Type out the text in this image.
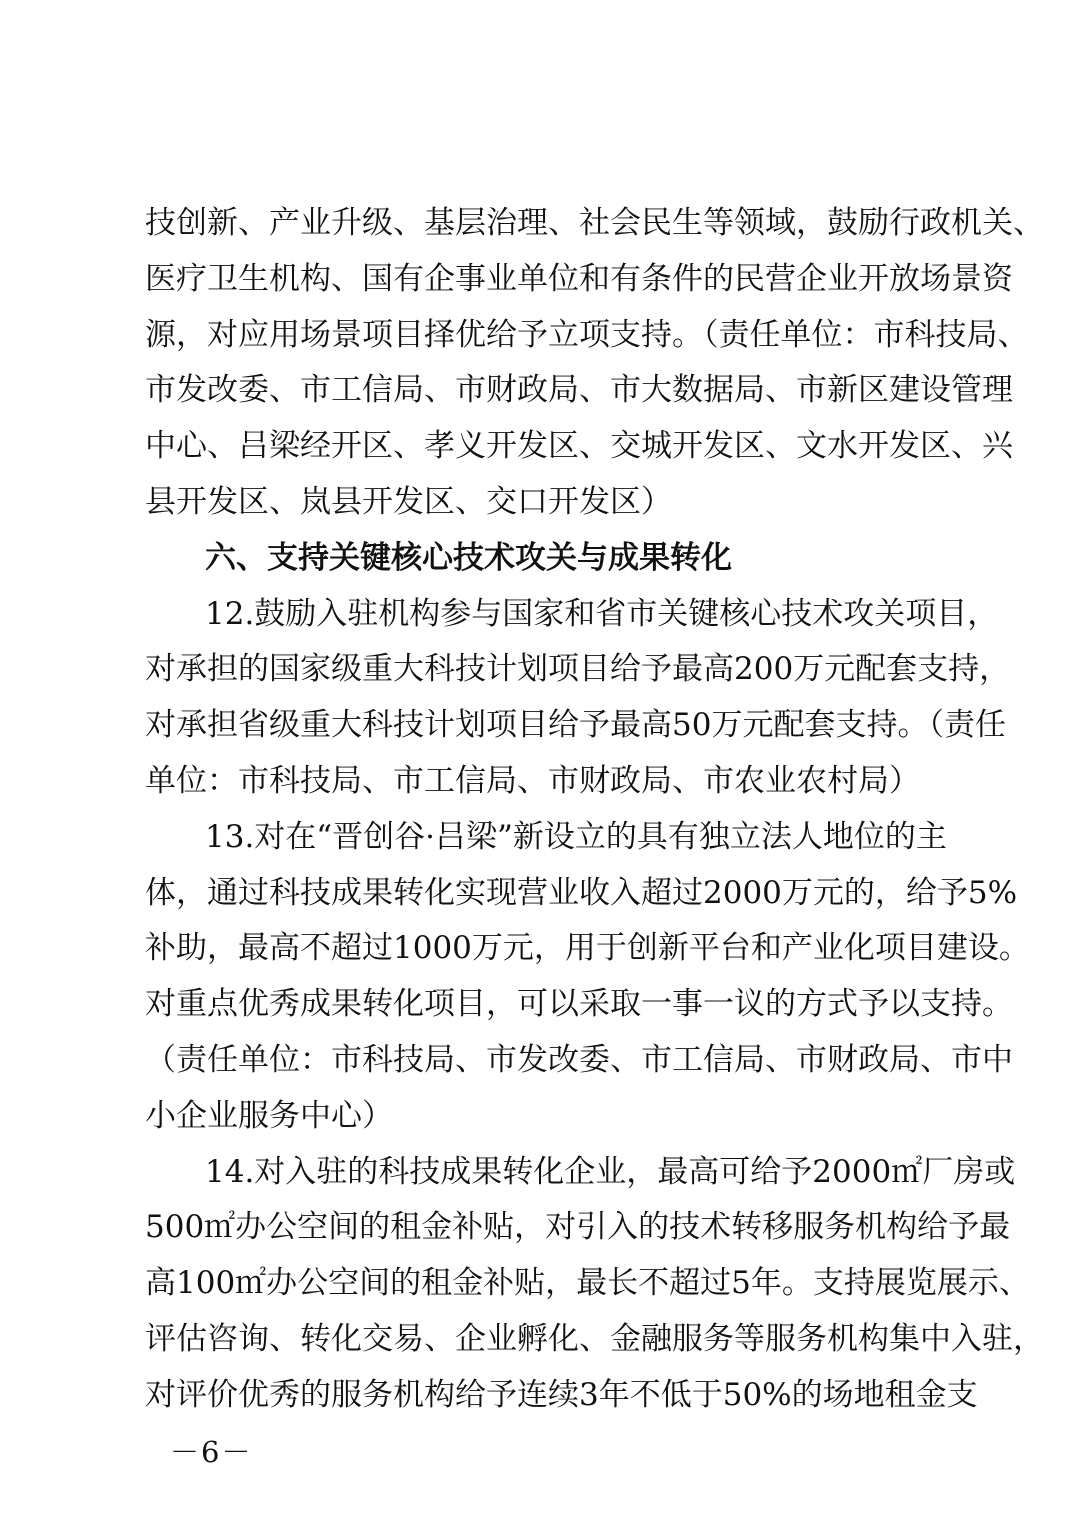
技创新、产业升级、基层治理、社会民生等领域，鼓励行政机关、
医疗卫生机构、国有企事业单位和有条件的民营企业开放场景资
源，对应用场景项目择优给予立项支持。（责任单位：市科技局、
市发改委、市工信局、市财政局、市大数据局、市新区建设管理
中心、吕梁经开区、孝义开发区、交城开发区、文水开发区、兴
县开发区、岚县开发区、交口开发区）
六、支持关键核心技术攻关与成果转化
12.鼓励入驻机构参与国家和省市关键核心技术攻关项目，
对承担的国家级重大科技计划项目给予最高200万元配套支持，
对承担省级重大科技计划项目给予最高50万元配套支持。（责任
单位：市科技局、市工信局、市财政局、市农业农村局）
13.对在“晋创谷·吕梁”新设立的具有独立法人地位的主
体，通过科技成果转化实现营业收入超过2000万元的，给予5%
补助，最高不超过1000万元，用于创新平台和产业化项目建设。
对重点优秀成果转化项目，可以采取一事一议的方式予以支持。
（责任单位：市科技局、市发改委、市工信局、市财政局、市中
小企业服务中心）
14.对入驻的科技成果转化企业，最高可给予2000㎡厂房或
500㎡办公空间的租金补贴，对引入的技术转移服务机构给予最
高100㎡办公空间的租金补贴，最长不超过5年。支持展览展示、
评估咨询、转化交易、企业孵化、金融服务等服务机构集中入驻，
对评价优秀的服务机构给予连续3年不低于50%的场地租金支
－6－
